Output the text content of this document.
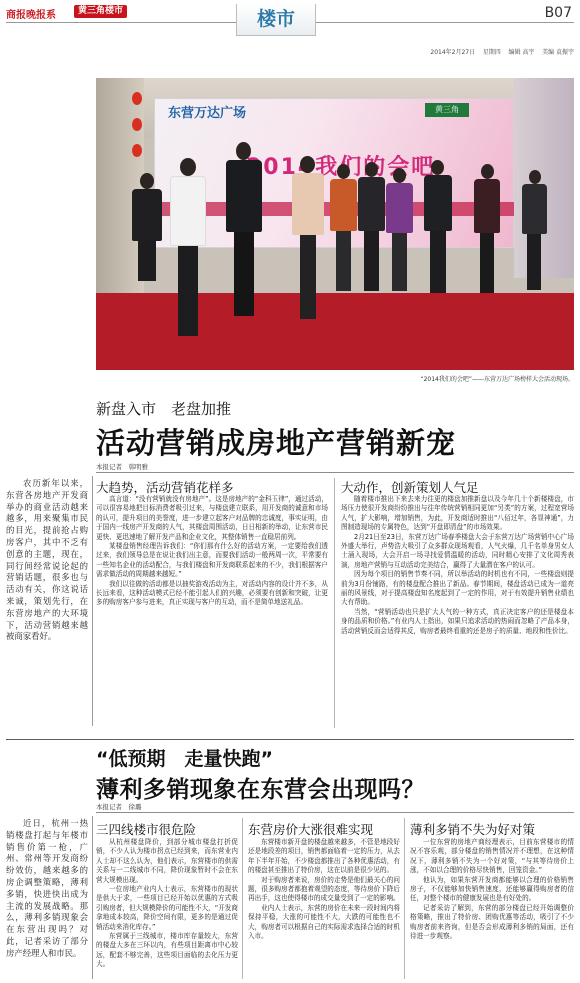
商报晚报系	黄三角楼市	楼市	B07
2014年2月27日 星期四 编辑 高宇 美编 袁振宇
黄三角
东营万达广场
“2014我们的会吧”——东营万达广场榜样大会活动现场。
新盘入市　老盘加推
活动营销成房地产营销新宠
本报记者　韩明雅
农历新年以来，东营各房地产开发商举办的商业活动越来越多，用来聚集市民的目光，提前抢占购房客户，其中不乏有创意的主题，现在，同行间经常说论起的营销话题，很多也与活动有关，你这说话来诚，策划先行，在东营房地产的大环境下，活动营销越来越被商家看好。
大趋势，活动营销花样多

高言道：“没有营销就没有房地产”。这是房地产的“金科玉律”，通过活动，可以很容易地把目标消费者吸引过来，与楼盘建立联系，用开发商的诚意和市场的认可，提升项目的美誉度，进一步建立起客户对品牌的忠诚度，事实证明，由于国内一线房产开发商的人气，其楼盘周围活动，日日相新的举动，让东营市民更快、更迅速地了解开发产品和企业文化，其整体销售一直稳居前列。

某楼盘销售经理告诉我们：“你们那有什么好的活动方案，一定要给我们透过来，我们领导总是在说让我们出主意，而要我们活动一般两周一次，平常要有一些知名企业的活动配合，与我们楼盘和开发商联系起来的不少，我们根据客户需求做活动的周期越来越短。”

我们以往做的活动都是以抽奖游戏活动为主，对活动内容的设计并不多，从长远来看，这种活动模式已经不能引起人们的兴趣，必须要有创新和突破，让更多的购房客户参与进来，真正实现与客户的互动，而不是简单地送礼品。

大动作，创新策划人气足

随着楼市推出下来去来力往更的楼盘加推新盘以及今年几十个新楼楼盘，市场压力使很开发商纷纷推出与往年传统营销相同更加“另类”的方案，过程宽营场人气，扩大影响，增加销售，为此，开发商适时推出“八佰过年，各显神通”，力图制造现场的专属特色，达到“开盘即清盘”的市场效果。

2月21日至23日，东营万达广场春季楼盘大会于东营万达广场营销中心广场外盛大举行，声势浩大吸引了众多群众现场观看，人气火爆，几千名单身男女人士涌入现场，大会开启一场寻找爱情温暖的活动，同时精心安排了文化周秀表演，房地产营销与互动活动完美结合，赢得了大量潜在客户的认可。

因为每个项目的销售节奏不同，所以举活动的时机也有不同，一些楼盘则提前为3月份铺路，有的楼盘配合推出了新品。春节期间，楼盘活动已成为一道亮丽的风景线，对于提高楼盘知名度起到了一定的作用，对于有效提升销售业绩也大有帮助。

当然，“营销活动也只是扩大人气的一种方式，真正决定客户的还是楼盘本身的品质和价格。”有业内人士指出，如果只追求活动的热闹而忽略了产品本身，活动营销反而会适得其反，购房者最终看重的还是房子的质量、地段和性价比。

“低预期　走量快跑”
薄利多销现象在东营会出现吗？
本报记者　徐璐
近日，杭州一热销楼盘打起与年楼市销售价第一枪，广州、常州等开发商纷纷效仿，越来越多的房企调整策略，薄利多销，快进快出成为主流的发展战略。那么，薄利多销现象会在东营出现吗？对此，记者采访了部分房产经理人和市民。
三四线楼市很危险

从杭州楼盘降价，到部分城市楼盘打折促销，不少人认为楼市拐点已经到来，而东营业内人士却不这么认为，他们表示，东营楼市的供需关系与一二线城市不同，降价现象暂时不会在东营大规模出现。

一位房地产业内人士表示，东营楼市的现状是供大于求，一些项目已经开始以优惠的方式吸引购房者，但大规模降价的可能性不大，“开发商拿地成本较高，降价空间有限，更多的是通过促销活动来消化库存。”

东营属于三线城市，楼市库存量较大，东营的楼盘大多在三环以内，有些项目距离市中心较远，配套不够完善，这些项目面临的去化压力更大。

东营房价大涨很难实现

东营楼市新开盘的楼盘越来越多，不管是地段好还是地段差的项目，销售都面临着一定的压力，从去年下半年开始，不少楼盘都推出了各种优惠活动，有的楼盘甚至推出了特价房，这在以前是很少见的。

对于购房者来说，房价的走势是他们最关心的问题，很多购房者都抱着观望的态度，等待房价下降后再出手，这也使得楼市的成交量受到了一定的影响。

业内人士表示，东营的房价在未来一段时间内将保持平稳，大涨的可能性不大，大跌的可能性也不大，购房者可以根据自己的实际需求选择合适的时机入市。

薄利多销不失为好对策

一位东营的房地产商经理表示，目前东营楼市的情况不容乐观，部分楼盘的销售情况并不理想，在这种情况下，薄利多销不失为一个好对策，“与其等待房价上涨，不如以合理的价格尽快销售，回笼资金。”

他认为，如果东营开发商都能够以合理的价格销售房子，不仅能够加快销售速度，还能够赢得购房者的信任，对整个楼市的健康发展也是有好处的。

记者采访了解到，东营的部分楼盘已经开始调整价格策略，推出了特价房、团购优惠等活动，吸引了不少购房者前来咨询，但是否会形成薄利多销的局面，还有待进一步观察。
